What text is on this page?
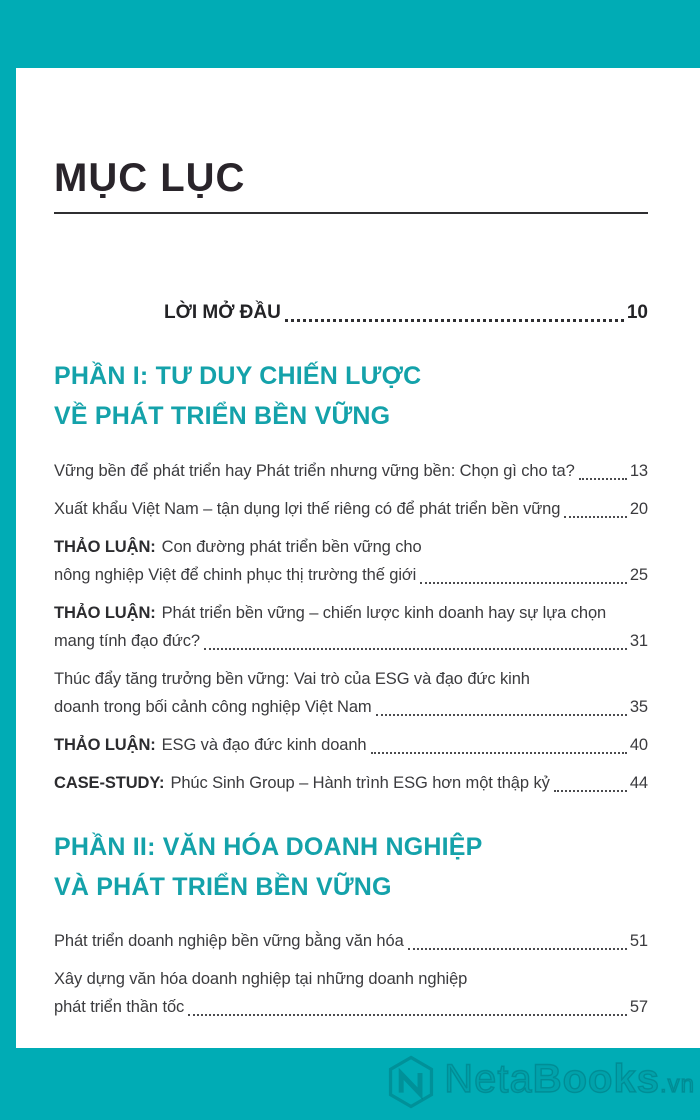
MỤC LỤC
LỜI MỞ ĐẦU	10
PHẦN I: TƯ DUY CHIẾN LƯỢC
VỀ PHÁT TRIỂN BỀN VỮNG
Vững bền để phát triển hay Phát triển nhưng vững bền: Chọn gì cho ta?	13
Xuất khẩu Việt Nam – tận dụng lợi thế riêng có để phát triển bền vững	20
THẢO LUẬN: Con đường phát triển bền vững cho
nông nghiệp Việt để chinh phục thị trường thế giới	25
THẢO LUẬN: Phát triển bền vững – chiến lược kinh doanh hay sự lựa chọn
mang tính đạo đức?	31
Thúc đẩy tăng trưởng bền vững: Vai trò của ESG và đạo đức kinh
doanh trong bối cảnh công nghiệp Việt Nam	35
THẢO LUẬN: ESG và đạo đức kinh doanh	40
CASE-STUDY: Phúc Sinh Group – Hành trình ESG hơn một thập kỷ	44
PHẦN II: VĂN HÓA DOANH NGHIỆP
VÀ PHÁT TRIỂN BỀN VỮNG
Phát triển doanh nghiệp bền vững bằng văn hóa	51
Xây dựng văn hóa doanh nghiệp tại những doanh nghiệp
phát triển thần tốc	57
NetaBooks.vn
